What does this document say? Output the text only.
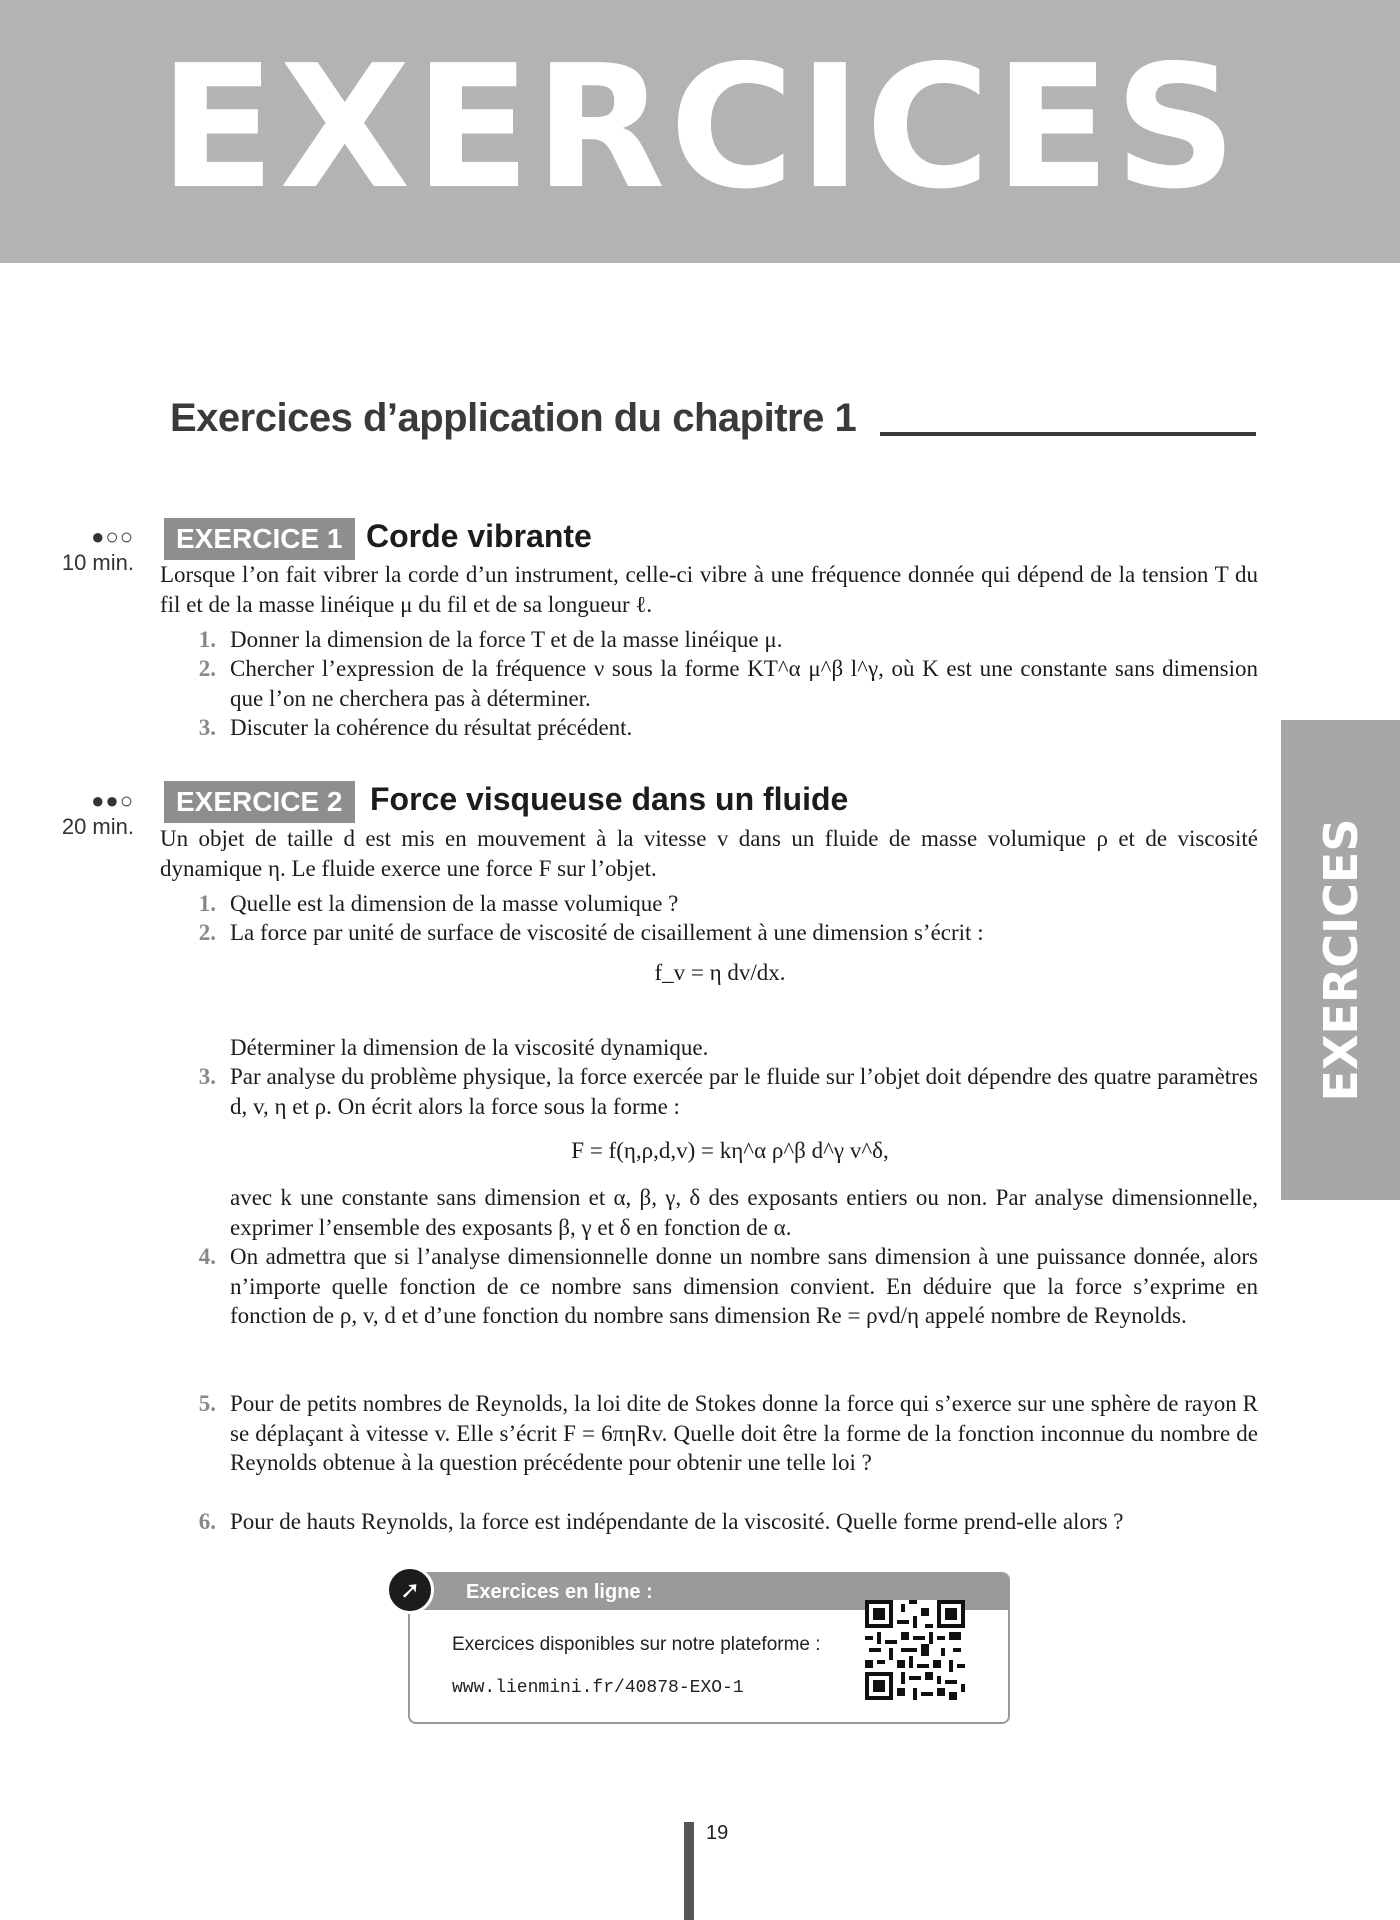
EXERCICES
Exercices d’application du chapitre 1
EXERCICES
●○○
10 min.
EXERCICE 1 Corde vibrante
Lorsque l’on fait vibrer la corde d’un instrument, celle-ci vibre à une fréquence donnée qui dépend de la tension T du fil et de la masse linéique μ du fil et de sa longueur ℓ.
1. Donner la dimension de la force T et de la masse linéique μ.
2. Chercher l’expression de la fréquence ν sous la forme KT^α μ^β l^γ, où K est une constante sans dimension que l’on ne cherchera pas à déterminer.
3. Discuter la cohérence du résultat précédent.
●●○
20 min.
EXERCICE 2 Force visqueuse dans un fluide
Un objet de taille d est mis en mouvement à la vitesse v dans un fluide de masse volumique ρ et de viscosité dynamique η. Le fluide exerce une force F sur l’objet.
1. Quelle est la dimension de la masse volumique ?
2. La force par unité de surface de viscosité de cisaillement à une dimension s’écrit :
f_v = η dv/dx.
Déterminer la dimension de la viscosité dynamique.
3. Par analyse du problème physique, la force exercée par le fluide sur l’objet doit dépendre des quatre paramètres d, v, η et ρ. On écrit alors la force sous la forme :
F = f(η,ρ,d,v) = kη^α ρ^β d^γ v^δ,
avec k une constante sans dimension et α, β, γ, δ des exposants entiers ou non. Par analyse dimensionnelle, exprimer l’ensemble des exposants β, γ et δ en fonction de α.
4. On admettra que si l’analyse dimensionnelle donne un nombre sans dimension à une puissance donnée, alors n’importe quelle fonction de ce nombre sans dimension convient. En déduire que la force s’exprime en fonction de ρ, v, d et d’une fonction du nombre sans dimension Re = ρvd/η appelé nombre de Reynolds.
5. Pour de petits nombres de Reynolds, la loi dite de Stokes donne la force qui s’exerce sur une sphère de rayon R se déplaçant à vitesse v. Elle s’écrit F = 6πηRv. Quelle doit être la forme de la fonction inconnue du nombre de Reynolds obtenue à la question précédente pour obtenir une telle loi ?
6. Pour de hauts Reynolds, la force est indépendante de la viscosité. Quelle forme prend-elle alors ?
Exercices en ligne :
Exercices disponibles sur notre plateforme :
www.lienmini.fr/40878-EXO-1
➚
19
